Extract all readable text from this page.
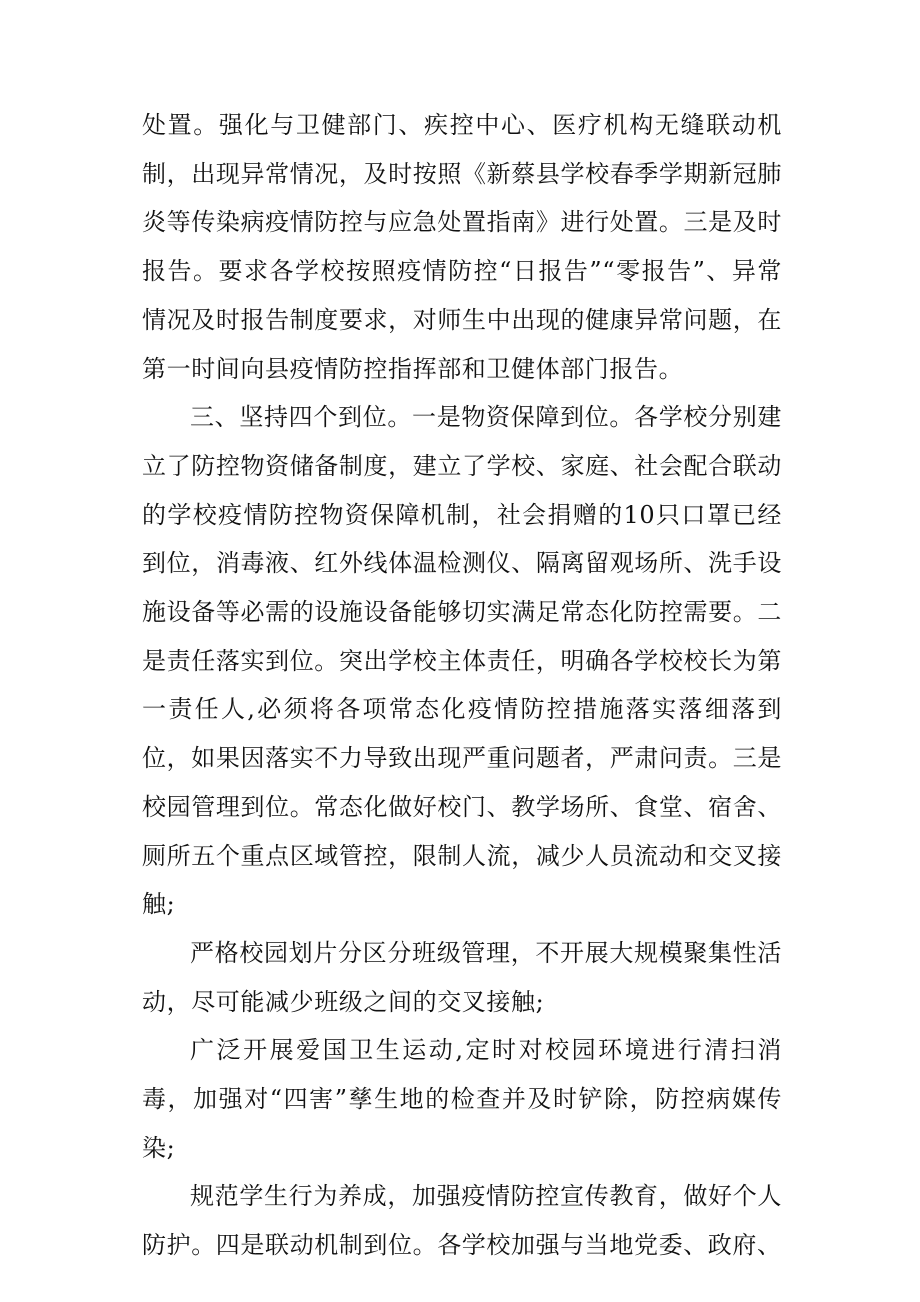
处置。强化与卫健部门、疾控中心、医疗机构无缝联动机制，出现异常情况，及时按照《新蔡县学校春季学期新冠肺炎等传染病疫情防控与应急处置指南》进行处置。三是及时报告。要求各学校按照疫情防控“日报告”“零报告”、异常情况及时报告制度要求，对师生中出现的健康异常问题，在第一时间向县疫情防控指挥部和卫健体部门报告。

三、坚持四个到位。一是物资保障到位。各学校分别建立了防控物资储备制度，建立了学校、家庭、社会配合联动的学校疫情防控物资保障机制，社会捐赠的10只口罩已经到位，消毒液、红外线体温检测仪、隔离留观场所、洗手设施设备等必需的设施设备能够切实满足常态化防控需要。二是责任落实到位。突出学校主体责任，明确各学校校长为第一责任人,必须将各项常态化疫情防控措施落实落细落到位，如果因落实不力导致出现严重问题者，严肃问责。三是校园管理到位。常态化做好校门、教学场所、食堂、宿舍、厕所五个重点区域管控，限制人流，减少人员流动和交叉接触;

严格校园划片分区分班级管理，不开展大规模聚集性活动，尽可能减少班级之间的交叉接触;

广泛开展爱国卫生运动,定时对校园环境进行清扫消毒，加强对“四害”孳生地的检查并及时铲除，防控病媒传染;

规范学生行为养成，加强疫情防控宣传教育，做好个人防护。四是联动机制到位。各学校加强与当地党委、政府、
